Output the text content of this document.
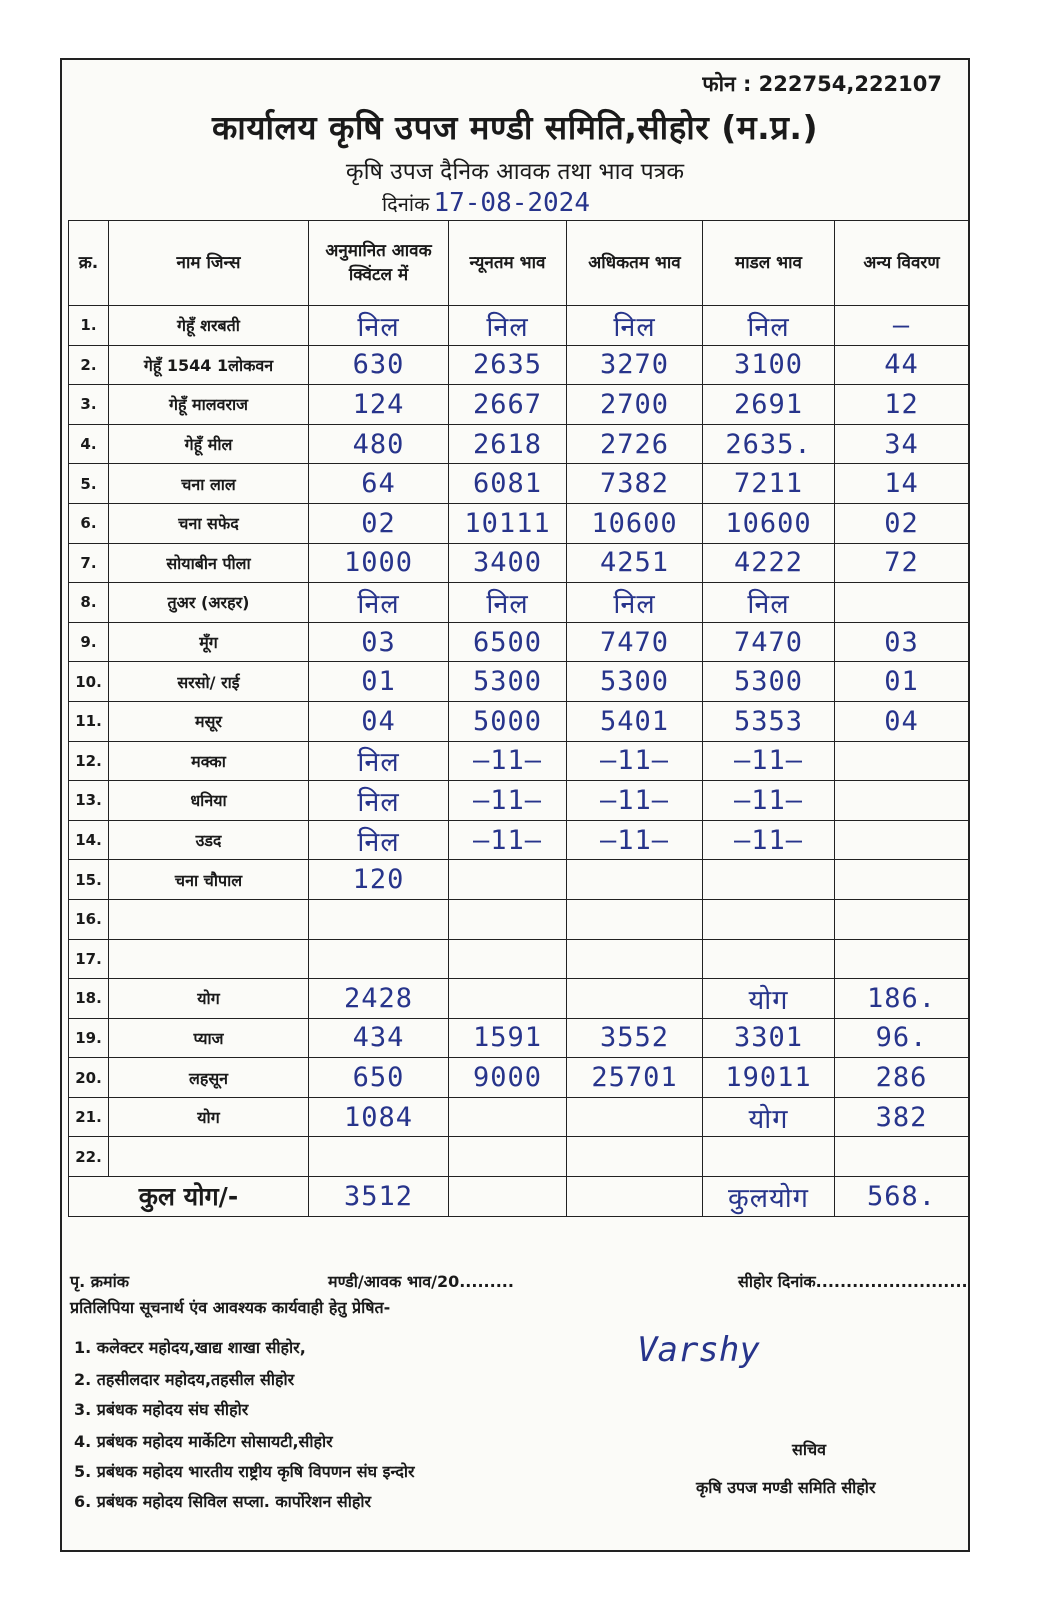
फोन : 222754,222107
कार्यालय कृषि उपज मण्डी समिति,सीहोर (म.प्र.)
कृषि उपज दैनिक आवक तथा भाव पत्रक
दिनांक 17-08-2024
क्र.	नाम जिन्स	अनुमानित आवक क्विंटल में	न्यूनतम भाव	अधिकतम भाव	माडल भाव	अन्य विवरण
1.	गेहूँ शरबती	निल	निल	निल	निल	—
2.	गेहूँ 1544 1लोकवन	630	2635	3270	3100	44
3.	गेहूँ मालवराज	124	2667	2700	2691	12
4.	गेहूँ मील	480	2618	2726	2635.	34
5.	चना लाल	64	6081	7382	7211	14
6.	चना सफेद	02	10111	10600	10600	02
7.	सोयाबीन पीला	1000	3400	4251	4222	72
8.	तुअर (अरहर)	निल	निल	निल	निल	
9.	मूँग	03	6500	7470	7470	03
10.	सरसो/ राई	01	5300	5300	5300	01
11.	मसूर	04	5000	5401	5353	04
12.	मक्का	निल	—11—	—11—	—11—	
13.	धनिया	निल	—11—	—11—	—11—	
14.	उडद	निल	—11—	—11—	—11—	
15.	चना चौपाल	120				
16.						
17.						
18.	योग	2428			योग	186.
19.	प्याज	434	1591	3552	3301	96.
20.	लहसून	650	9000	25701	19011	286
21.	योग	1084			योग	382
22.						
कुल योग/-		3512			कुलयोग	568.
पृ. क्रमांक	मण्डी/आवक भाव/20.........	सीहोर दिनांक.........................
प्रतिलिपिया सूचनार्थ एंव आवश्यक कार्यवाही हेतु प्रेषित-
1. कलेक्टर महोदय,खाद्य शाखा सीहोर,
2. तहसीलदार महोदय,तहसील सीहोर
3. प्रबंधक महोदय संघ सीहोर
4. प्रबंधक महोदय मार्केटिग सोसायटी,सीहोर
5. प्रबंधक महोदय भारतीय राष्ट्रीय कृषि विपणन संघ इन्दोर
6. प्रबंधक महोदय सिविल सप्ला. कार्पोरेशन सीहोर
सचिव
कृषि उपज मण्डी समिति सीहोर
Varshy
